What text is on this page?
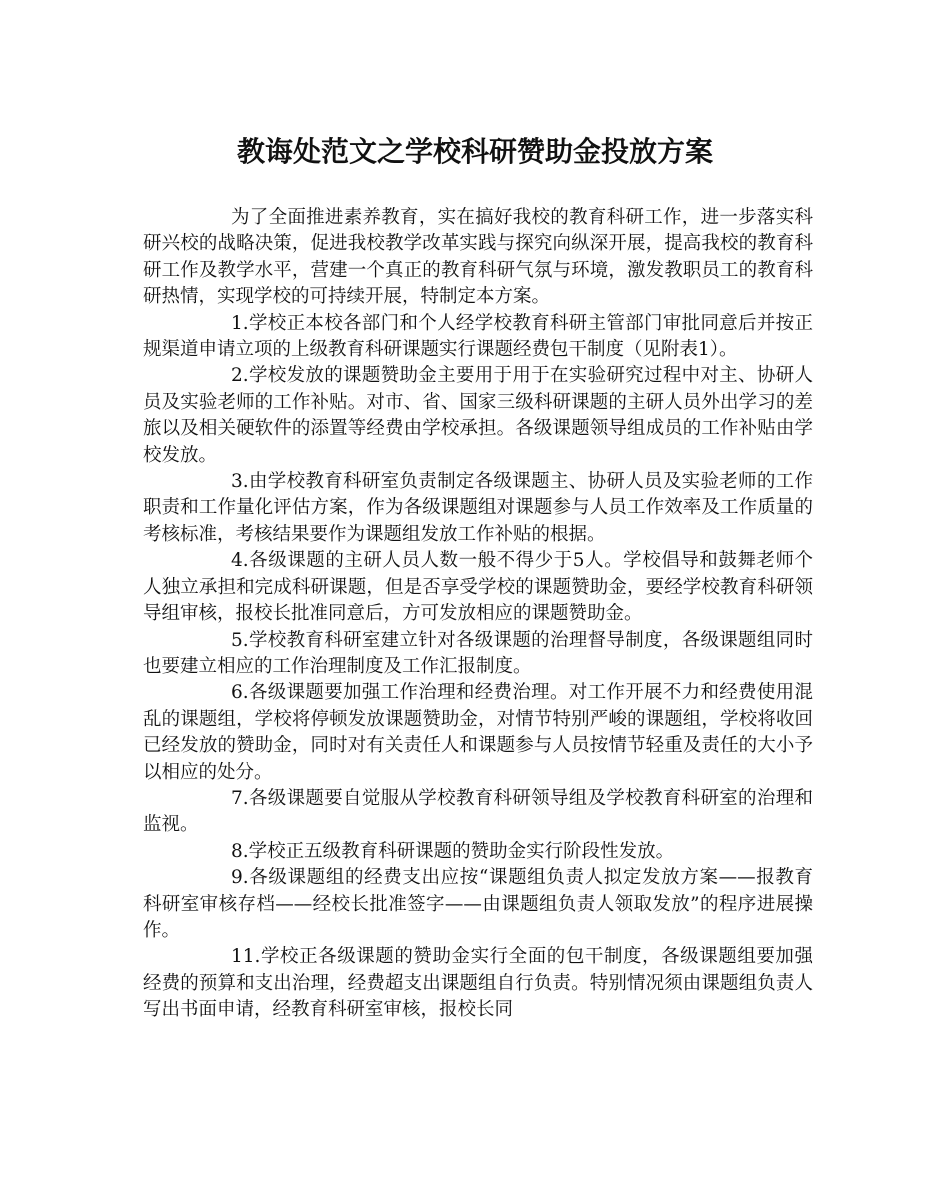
教诲处范文之学校科研赞助金投放方案

为了全面推进素养教育，实在搞好我校的教育科研工作，进一步落实科研兴校的战略决策，促进我校教学改革实践与探究向纵深开展，提高我校的教育科研工作及教学水平，营建一个真正的教育科研气氛与环境，激发教职员工的教育科研热情，实现学校的可持续开展，特制定本方案。

1.学校正本校各部门和个人经学校教育科研主管部门审批同意后并按正规渠道申请立项的上级教育科研课题实行课题经费包干制度（见附表1）。

2.学校发放的课题赞助金主要用于用于在实验研究过程中对主、协研人员及实验老师的工作补贴。对市、省、国家三级科研课题的主研人员外出学习的差旅以及相关硬软件的添置等经费由学校承担。各级课题领导组成员的工作补贴由学校发放。

3.由学校教育科研室负责制定各级课题主、协研人员及实验老师的工作职责和工作量化评估方案，作为各级课题组对课题参与人员工作效率及工作质量的考核标准，考核结果要作为课题组发放工作补贴的根据。

4.各级课题的主研人员人数一般不得少于5人。学校倡导和鼓舞老师个人独立承担和完成科研课题，但是否享受学校的课题赞助金，要经学校教育科研领导组审核，报校长批准同意后，方可发放相应的课题赞助金。

5.学校教育科研室建立针对各级课题的治理督导制度，各级课题组同时也要建立相应的工作治理制度及工作汇报制度。

6.各级课题要加强工作治理和经费治理。对工作开展不力和经费使用混乱的课题组，学校将停顿发放课题赞助金，对情节特别严峻的课题组，学校将收回已经发放的赞助金，同时对有关责任人和课题参与人员按情节轻重及责任的大小予以相应的处分。

7.各级课题要自觉服从学校教育科研领导组及学校教育科研室的治理和监视。

8.学校正五级教育科研课题的赞助金实行阶段性发放。

9.各级课题组的经费支出应按“课题组负责人拟定发放方案——报教育科研室审核存档——经校长批准签字——由课题组负责人领取发放”的程序进展操作。

11.学校正各级课题的赞助金实行全面的包干制度，各级课题组要加强经费的预算和支出治理，经费超支出课题组自行负责。特别情况须由课题组负责人写出书面申请，经教育科研室审核，报校长同
